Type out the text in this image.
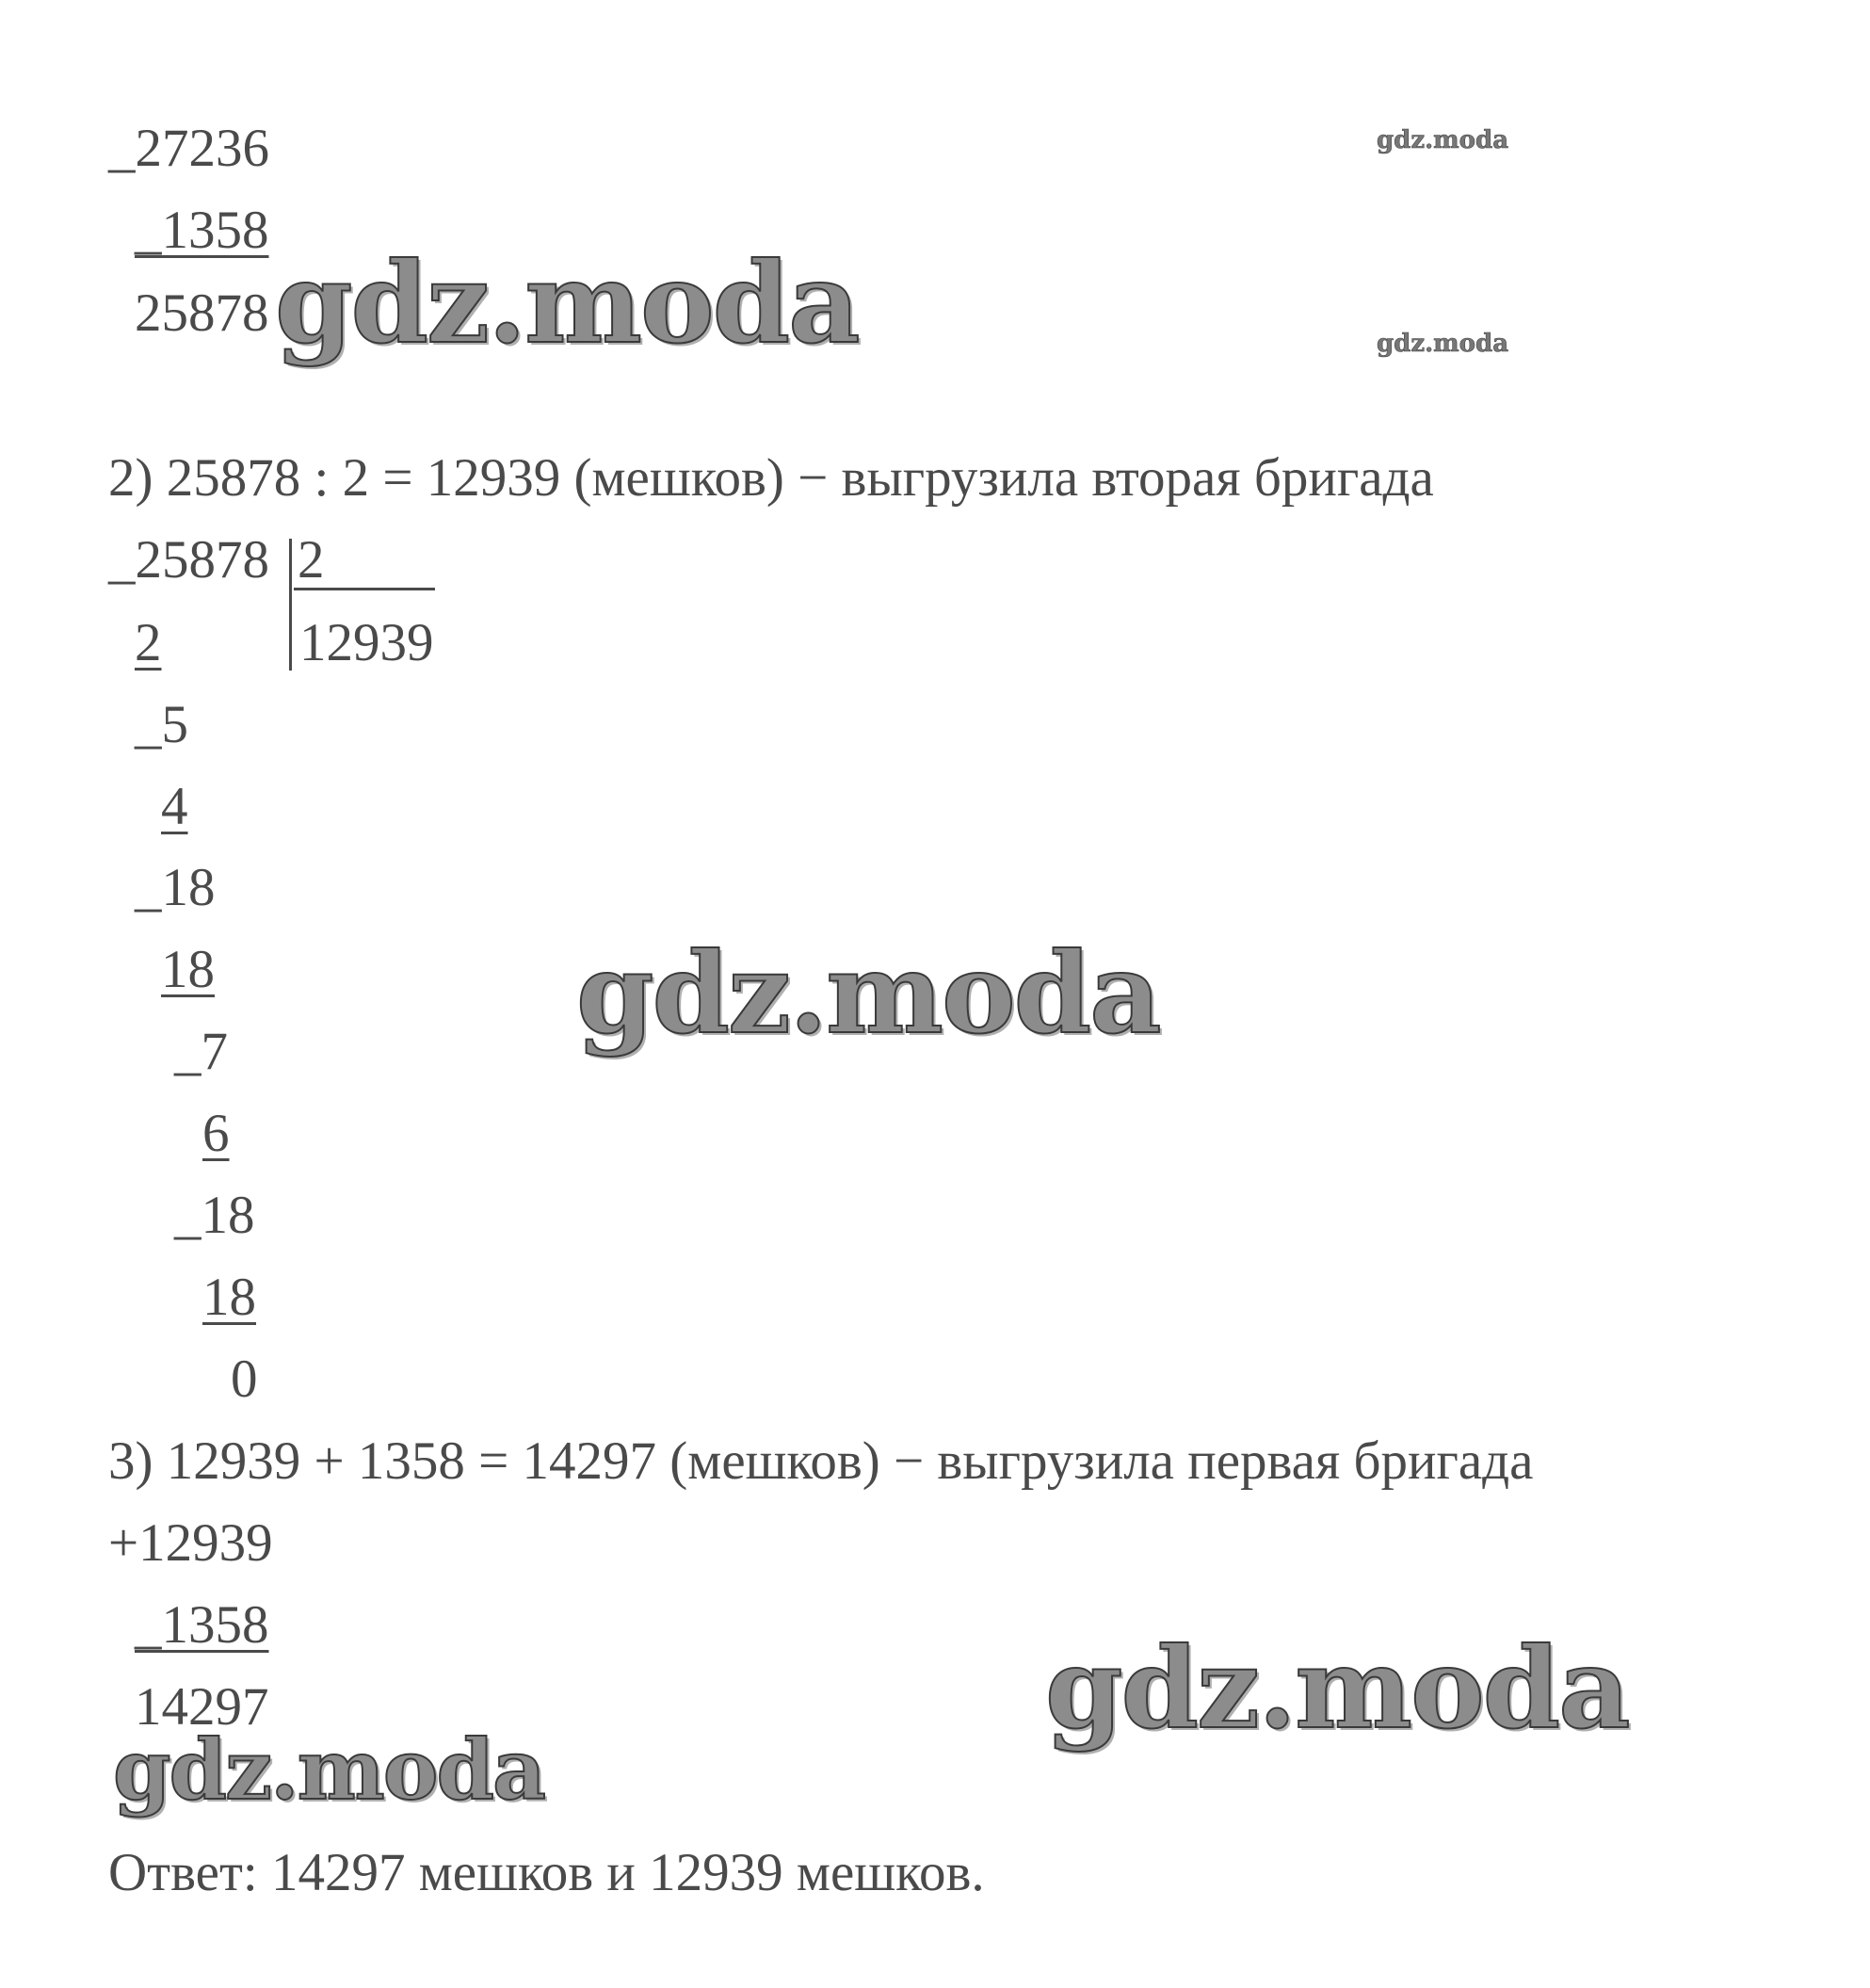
_27236
_1358
25878
2) 25878 : 2 = 12939 (мешков) − выгрузила вторая бригада
_25878 2
12939
2
_5
4
_18
18
_7
6
_18
18
0
3) 12939 + 1358 = 14297 (мешков) − выгрузила первая бригада
+12939
_1358
14297
Ответ: 14297 мешков и 12939 мешков.
gdz.moda
gdz.moda	gdz.moda
gdz.moda
gdz.moda
gdz.moda
